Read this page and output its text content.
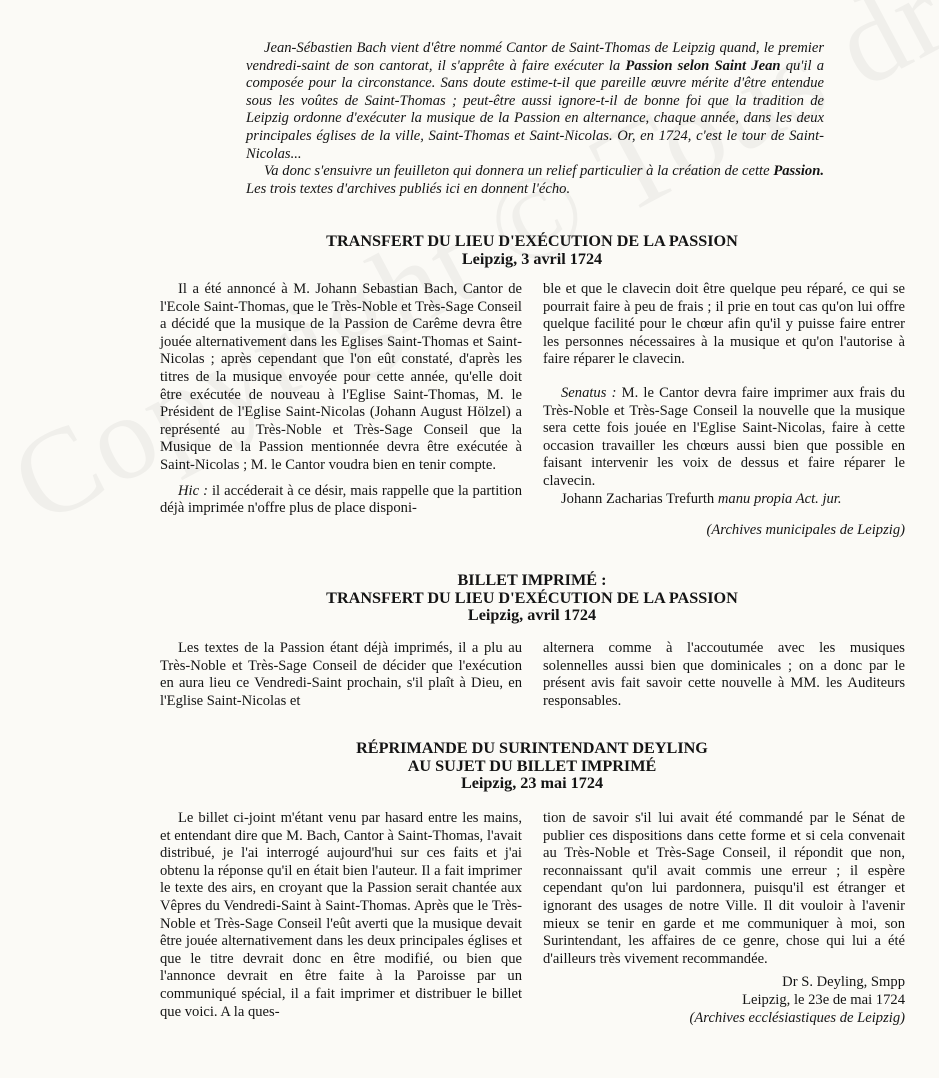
Jean-Sébastien Bach vient d'être nommé Cantor de Saint-Thomas de Leipzig quand, le premier vendredi-saint de son cantorat, il s'apprête à faire exécuter la Passion selon Saint Jean qu'il a composée pour la circonstance. Sans doute estime-t-il que pareille œuvre mérite d'être entendue sous les voûtes de Saint-Thomas ; peut-être aussi ignore-t-il de bonne foi que la tradition de Leipzig ordonne d'exécuter la musique de la Passion en alternance, chaque année, dans les deux principales églises de la ville, Saint-Thomas et Saint-Nicolas. Or, en 1724, c'est le tour de Saint-Nicolas...

Va donc s'ensuivre un feuilleton qui donnera un relief particulier à la création de cette Passion. Les trois textes d'archives publiés ici en donnent l'écho.

TRANSFERT DU LIEU D'EXÉCUTION DE LA PASSION
Leipzig, 3 avril 1724

Il a été annoncé à M. Johann Sebastian Bach, Cantor de l'Ecole Saint-Thomas, que le Très-Noble et Très-Sage Conseil a décidé que la musique de la Passion de Carême devra être jouée alternativement dans les Eglises Saint-Thomas et Saint-Nicolas ; après cependant que l'on eût constaté, d'après les titres de la musique envoyée pour cette année, qu'elle doit être exécutée de nouveau à l'Eglise Saint-Thomas, M. le Président de l'Eglise Saint-Nicolas (Johann August Hölzel) a représenté au Très-Noble et Très-Sage Conseil que la Musique de la Passion mentionnée devra être exécutée à Saint-Nicolas ; M. le Cantor voudra bien en tenir compte.

Hic : il accéderait à ce désir, mais rappelle que la partition déjà imprimée n'offre plus de place disponi-

ble et que le clavecin doit être quelque peu réparé, ce qui se pourrait faire à peu de frais ; il prie en tout cas qu'on lui offre quelque facilité pour le chœur afin qu'il y puisse faire entrer les personnes nécessaires à la musique et qu'on l'autorise à faire réparer le clavecin.

Senatus : M. le Cantor devra faire imprimer aux frais du Très-Noble et Très-Sage Conseil la nouvelle que la musique sera cette fois jouée en l'Eglise Saint-Nicolas, faire à cette occasion travailler les chœurs aussi bien que possible en faisant intervenir les voix de dessus et faire réparer le clavecin.

Johann Zacharias Trefurth manu propia Act. jur.

(Archives municipales de Leipzig)

BILLET IMPRIMÉ :
TRANSFERT DU LIEU D'EXÉCUTION DE LA PASSION
Leipzig, avril 1724

Les textes de la Passion étant déjà imprimés, il a plu au Très-Noble et Très-Sage Conseil de décider que l'exécution en aura lieu ce Vendredi-Saint prochain, s'il plaît à Dieu, en l'Eglise Saint-Nicolas et

alternera comme à l'accoutumée avec les musiques solennelles aussi bien que dominicales ; on a donc par le présent avis fait savoir cette nouvelle à MM. les Auditeurs responsables.

RÉPRIMANDE DU SURINTENDANT DEYLING
AU SUJET DU BILLET IMPRIMÉ
Leipzig, 23 mai 1724

Le billet ci-joint m'étant venu par hasard entre les mains, et entendant dire que M. Bach, Cantor à Saint-Thomas, l'avait distribué, je l'ai interrogé aujourd'hui sur ces faits et j'ai obtenu la réponse qu'il en était bien l'auteur. Il a fait imprimer le texte des airs, en croyant que la Passion serait chantée aux Vêpres du Vendredi-Saint à Saint-Thomas. Après que le Très-Noble et Très-Sage Conseil l'eût averti que la musique devait être jouée alternativement dans les deux principales églises et que le titre devrait donc en être modifié, ou bien que l'annonce devrait en être faite à la Paroisse par un communiqué spécial, il a fait imprimer et distribuer le billet que voici. A la ques-

tion de savoir s'il lui avait été commandé par le Sénat de publier ces dispositions dans cette forme et si cela convenait au Très-Noble et Très-Sage Conseil, il répondit que non, reconnaissant qu'il avait commis une erreur ; il espère cependant qu'on lui pardonnera, puisqu'il est étranger et ignorant des usages de notre Ville. Il dit vouloir à l'avenir mieux se tenir en garde et me communiquer à moi, son Surintendant, les affaires de ce genre, chose qui lui a été d'ailleurs très vivement recommandée.

Dr S. Deyling, Smpp

Leipzig, le 23e de mai 1724

(Archives ecclésiastiques de Leipzig)
